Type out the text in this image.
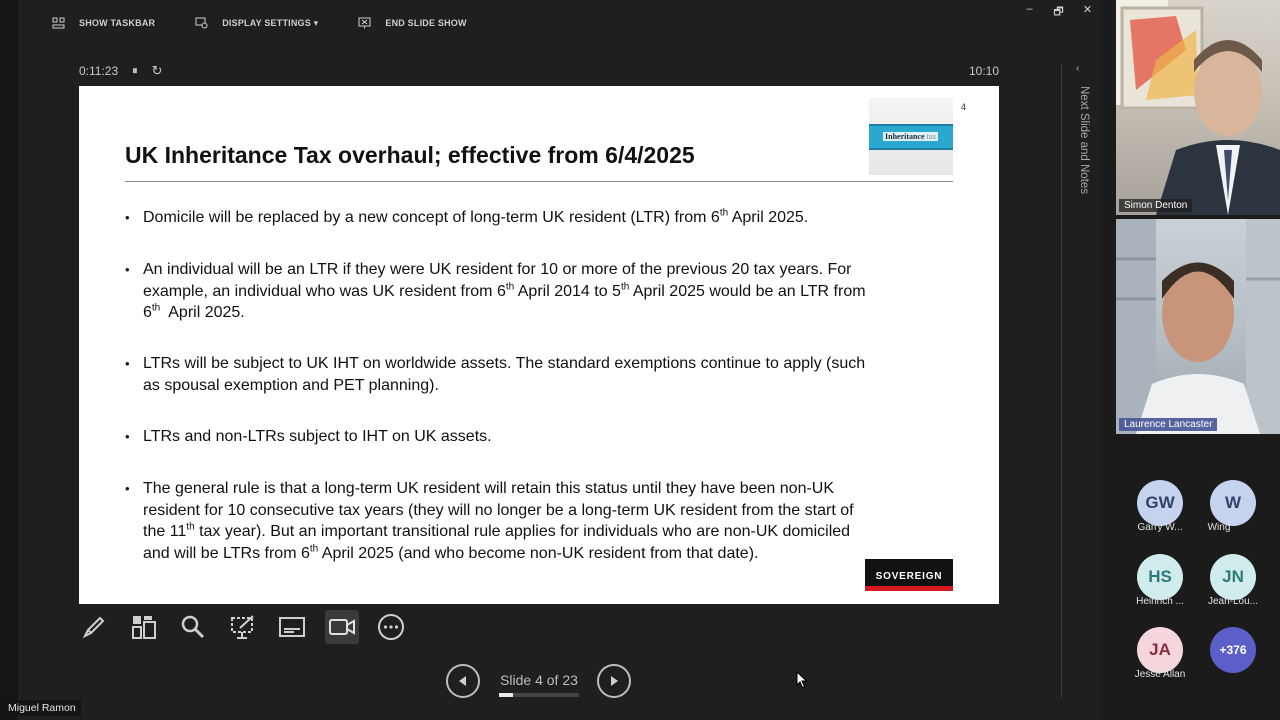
SHOW TASKBAR	DISPLAY SETTINGS ▾	END SLIDE SHOW
–	🗗	✕
0:11:23 ⏸ ↻	10:10
UK Inheritance Tax overhaul; effective from 6/4/2025
Inheritance tax
4
• Domicile will be replaced by a new concept of long-term UK resident (LTR) from 6th April 2025.
• An individual will be an LTR if they were UK resident for 10 or more of the previous 20 tax years. For
example, an individual who was UK resident from 6th April 2014 to 5th April 2025 would be an LTR from
6th  April 2025.
• LTRs will be subject to UK IHT on worldwide assets. The standard exemptions continue to apply (such
as spousal exemption and PET planning).
• LTRs and non-LTRs subject to IHT on UK assets.
• The general rule is that a long-term UK resident will retain this status until they have been non-UK
resident for 10 consecutive tax years (they will no longer be a long-term UK resident from the start of
the 11th tax year). But an important transitional rule applies for individuals who are non-UK domiciled
and will be LTRs from 6th April 2025 (and who become non-UK resident from that date).
SOVEREIGN
‹
Next Slide and Notes
Slide 4 of 23
Miguel Ramon
Simon Denton
Laurence Lancaster
GW
Garry W...
W
Wing
HS
Heinrich ...
JN
Jean-Lou...
JA
Jesse Allan
+376
